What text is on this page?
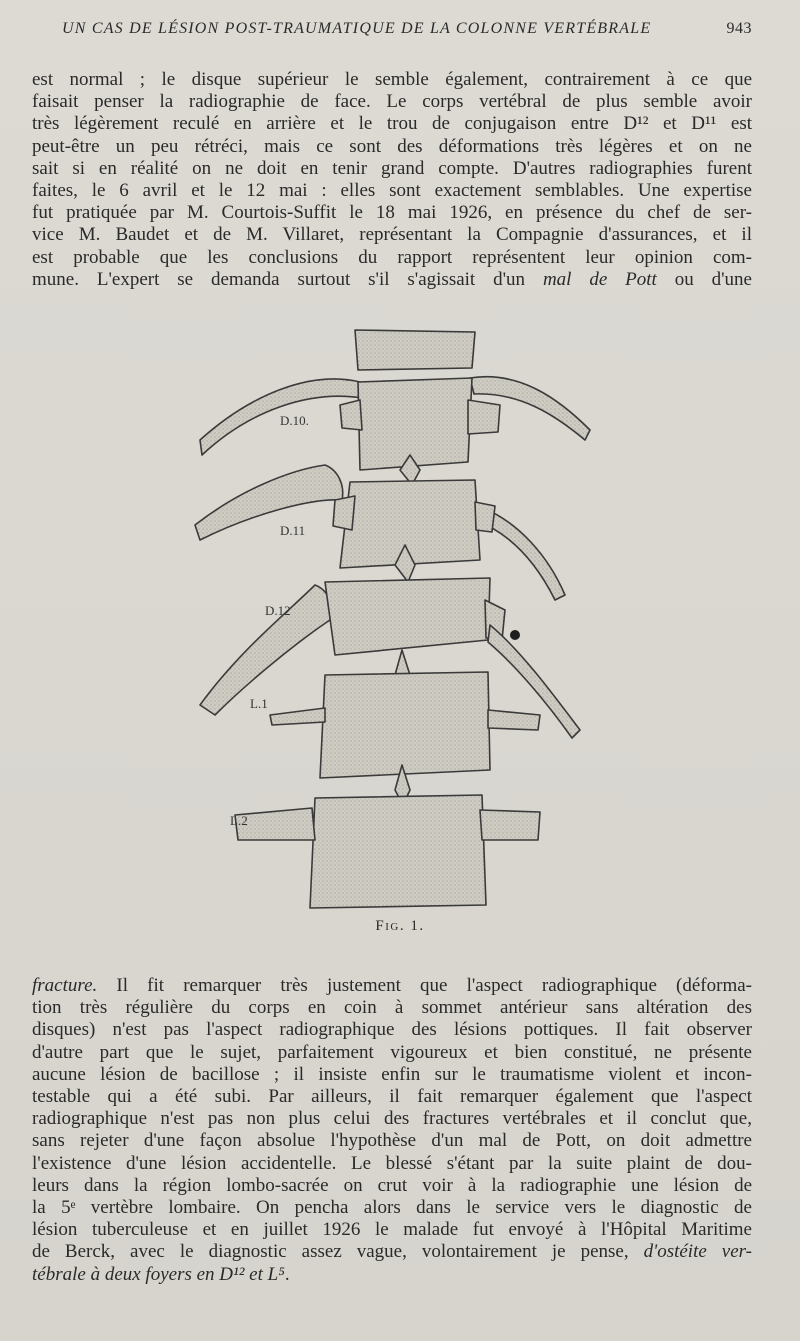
UN CAS DE LÉSION POST-TRAUMATIQUE DE LA COLONNE VERTÉBRALE	943
est normal ; le disque supérieur le semble également, contrairement à ce que
faisait penser la radiographie de face. Le corps vertébral de plus semble avoir
très légèrement reculé en arrière et le trou de conjugaison entre D¹² et D¹¹ est
peut-être un peu rétréci, mais ce sont des déformations très légères et on ne
sait si en réalité on ne doit en tenir grand compte. D'autres radiographies furent
faites, le 6 avril et le 12 mai : elles sont exactement semblables. Une expertise
fut pratiquée par M. Courtois-Suffit le 18 mai 1926, en présence du chef de ser-
vice M. Baudet et de M. Villaret, représentant la Compagnie d'assurances, et il
est probable que les conclusions du rapport représentent leur opinion com-
mune. L'expert se demanda surtout s'il s'agissait d'un mal de Pott ou d'une
D.10.
D.11
D.12
L.1
L.2
Fig. 1.
fracture. Il fit remarquer très justement que l'aspect radiographique (déforma-
tion très régulière du corps en coin à sommet antérieur sans altération des
disques) n'est pas l'aspect radiographique des lésions pottiques. Il fait observer
d'autre part que le sujet, parfaitement vigoureux et bien constitué, ne présente
aucune lésion de bacillose ; il insiste enfin sur le traumatisme violent et incon-
testable qui a été subi. Par ailleurs, il fait remarquer également que l'aspect
radiographique n'est pas non plus celui des fractures vertébrales et il conclut que,
sans rejeter d'une façon absolue l'hypothèse d'un mal de Pott, on doit admettre
l'existence d'une lésion accidentelle. Le blessé s'étant par la suite plaint de dou-
leurs dans la région lombo-sacrée on crut voir à la radiographie une lésion de
la 5ᵉ vertèbre lombaire. On pencha alors dans le service vers le diagnostic de
lésion tuberculeuse et en juillet 1926 le malade fut envoyé à l'Hôpital Maritime
de Berck, avec le diagnostic assez vague, volontairement je pense, d'ostéite ver-
tébrale à deux foyers en D¹² et L⁵.
